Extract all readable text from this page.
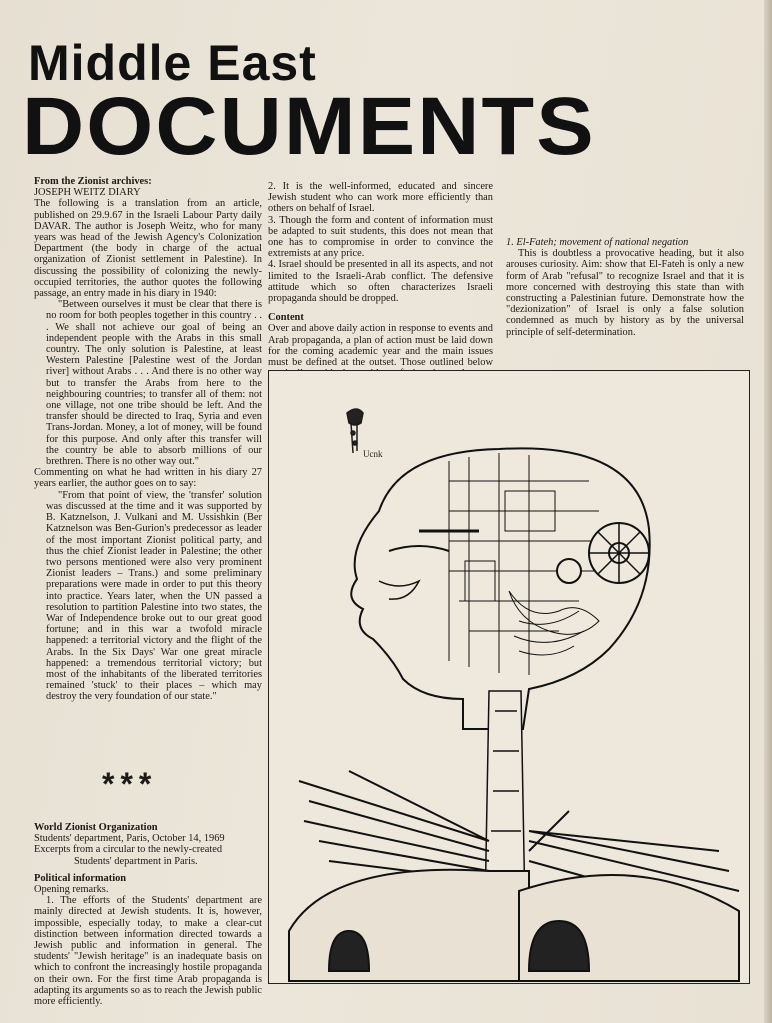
Middle East
DOCUMENTS

From the Zionist archives:

JOSEPH WEITZ DIARY

The following is a translation from an article, published on 29.9.67 in the Israeli Labour Party daily DAVAR. The author is Joseph Weitz, who for many years was head of the Jewish Agency's Colonization Department (the body in charge of the actual organization of Zionist settlement in Palestine). In discussing the possibility of colonizing the newly-occupied territories, the author quotes the following passage, an entry made in his diary in 1940:

"Between ourselves it must be clear that there is no room for both peoples together in this country . . . We shall not achieve our goal of being an independent people with the Arabs in this small country. The only solution is Palestine, at least Western Palestine [Palestine west of the Jordan river] without Arabs . . . And there is no other way but to transfer the Arabs from here to the neighbouring countries; to transfer all of them: not one village, not one tribe should be left. And the transfer should be directed to Iraq, Syria and even Trans-Jordan. Money, a lot of money, will be found for this purpose. And only after this transfer will the country be able to absorb millions of our brethren. There is no other way out."

Commenting on what he had written in his diary 27 years earlier, the author goes on to say:

"From that point of view, the 'transfer' solution was discussed at the time and it was supported by B. Katznelson, J. Vulkani and M. Ussishkin (Ber Katznelson was Ben-Gurion's predecessor as leader of the most important Zionist political party, and thus the chief Zionist leader in Palestine; the other two persons mentioned were also very prominent Zionist leaders – Trans.) and some preliminary preparations were made in order to put this theory into practice. Years later, when the UN passed a resolution to partition Palestine into two states, the War of Independence broke out to our great good fortune; and in this war a twofold miracle happened: a territorial victory and the flight of the Arabs. In the Six Days' War one great miracle happened: a tremendous territorial victory; but most of the inhabitants of the liberated territories remained 'stuck' to their places – which may destroy the very foundation of our state."

***

World Zionist Organization

Students' department, Paris, October 14, 1969

Excerpts from a circular to the newly-created

Students' department in Paris.

Political information

Opening remarks.

1. The efforts of the Students' department are mainly directed at Jewish students. It is, however, impossible, especially today, to make a clear-cut distinction between information directed towards a Jewish public and information in general. The students' "Jewish heritage" is an inadequate basis on which to confront the increasingly hostile propaganda on their own. For the first time Arab propaganda is adapting its arguments so as to reach the Jewish public more efficiently.

2. It is the well-informed, educated and sincere Jewish student who can work more efficiently than others on behalf of Israel.

3. Though the form and content of information must be adapted to suit students, this does not mean that one has to compromise in order to convince the extremists at any price.

4. Israel should be presented in all its aspects, and not limited to the Israeli-Arab conflict. The defensive attitude which so often characterizes Israeli propaganda should be dropped.

Content

Over and above daily action in response to events and Arab propaganda, a plan of action must be laid down for the coming academic year and the main issues must be defined at the outset. Those outlined below

1. El-Fateh; movement of national negation

This is doubtless a provocative heading, but it also arouses curiosity. Aim: show that El-Fateh is only a new form of Arab "refusal" to recognize Israel and that it is more concerned with destroying this state than with constructing a Palestinian future. Demonstrate how the "dezionization" of Israel is only a false solution condemned as much by history as by the universal principle of self-determination.

Ucnk
